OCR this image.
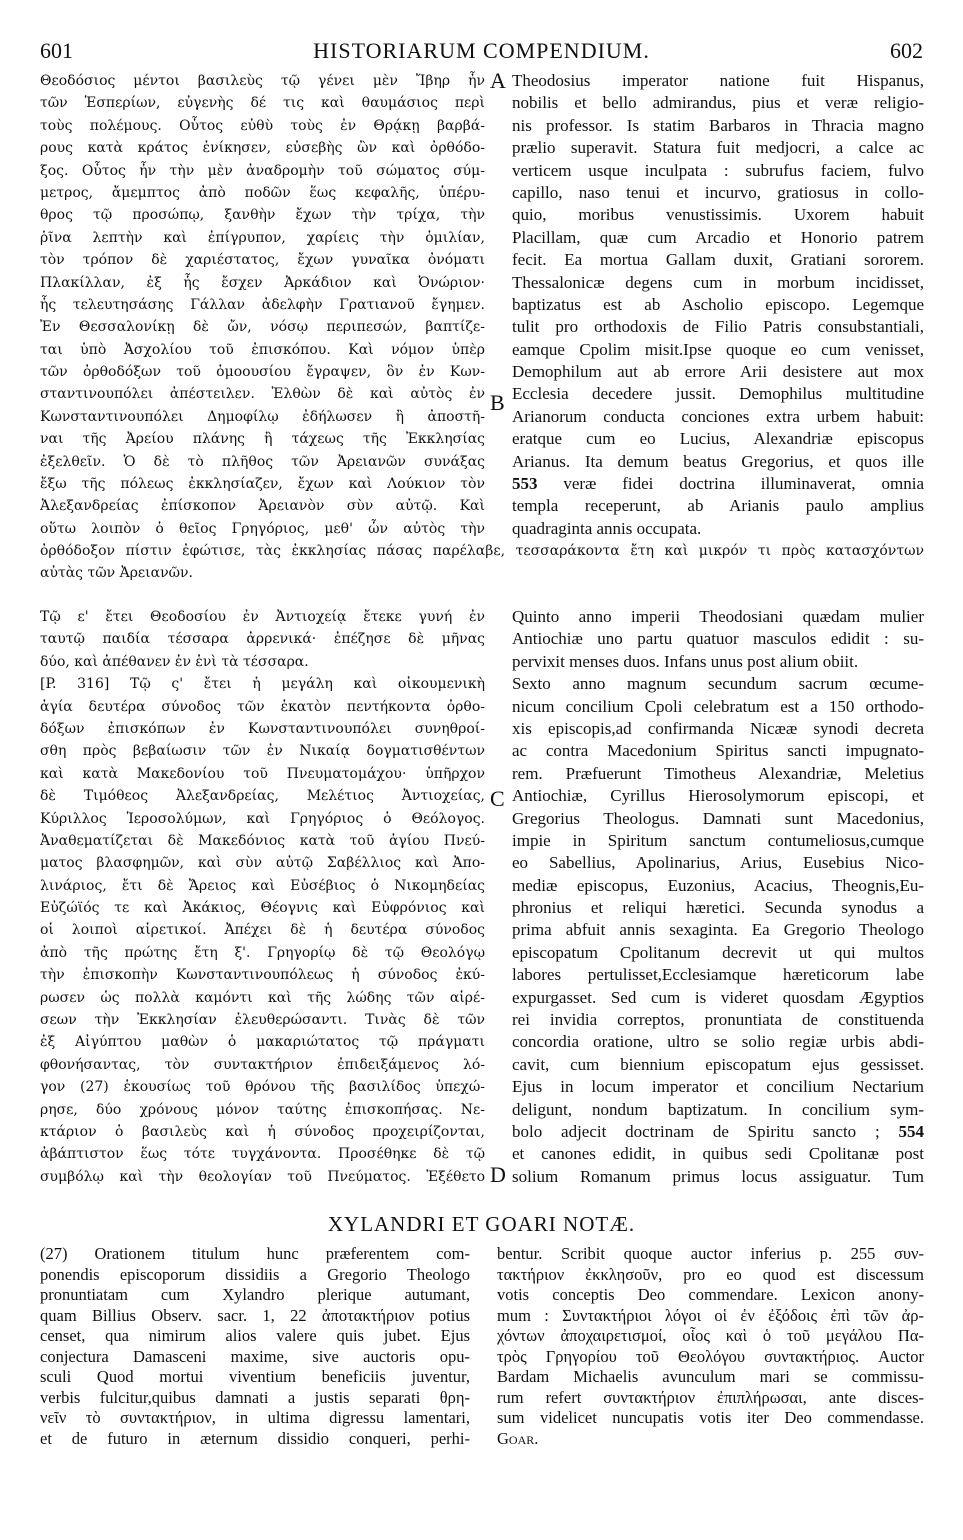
601	HISTORIARUM COMPENDIUM.	602
Θεοδόσιος μέντοι βασιλεὺς τῷ γένει μὲν Ἴβηρ ἦν
τῶν Ἑσπερίων, εὐγενὴς δέ τις καὶ θαυμάσιος περὶ
τοὺς πολέμους. Οὗτος εὐθὺ τοὺς ἐν Θρᾴκῃ βαρβά-
ρους κατὰ κράτος ἐνίκησεν, εὐσεβὴς ὢν καὶ ὀρθόδο-
ξος. Οὗτος ἦν τὴν μὲν ἀναδρομὴν τοῦ σώματος σύμ-
μετρος, ἄμεμπτος ἀπὸ ποδῶν ἕως κεφαλῆς, ὑπέρυ-
θρος τῷ προσώπῳ, ξανθὴν ἔχων τὴν τρίχα, τὴν
ῥῖνα λεπτὴν καὶ ἐπίγρυπον, χαρίεις τὴν ὁμιλίαν,
τὸν τρόπον δὲ χαριέστατος, ἔχων γυναῖκα ὀνόματι
Πλακίλλαν, ἐξ ἧς ἔσχεν Ἀρκάδιον καὶ Ὀνώριον·
ἧς τελευτησάσης Γάλλαν ἀδελφὴν Γρατιανοῦ ἔγημεν.
Ἐν Θεσσαλονίκῃ δὲ ὤν, νόσῳ περιπεσών, βαπτίζε-
ται ὑπὸ Ἀσχολίου τοῦ ἐπισκόπου. Καὶ νόμον ὑπὲρ
τῶν ὀρθοδόξων τοῦ ὁμοουσίου ἔγραψεν, ὃν ἐν Κων-
σταντινουπόλει ἀπέστειλεν. Ἐλθὼν δὲ καὶ αὐτὸς ἐν
Κωνσταντινουπόλει Δημοφίλῳ ἐδήλωσεν ἢ ἀποστῆ-
ναι τῆς Ἀρείου πλάνης ἢ τάχεως τῆς Ἐκκλησίας
ἐξελθεῖν. Ὁ δὲ τὸ πλῆθος τῶν Ἀρειανῶν συνάξας
ἔξω τῆς πόλεως ἐκκλησίαζεν, ἔχων καὶ Λούκιον τὸν
Ἀλεξανδρείας ἐπίσκοπον Ἀρειανὸν σὺν αὐτῷ. Καὶ
οὕτω λοιπὸν ὁ θεῖος Γρηγόριος, μεθ' ὧν αὐτὸς τὴν
Theodosius imperator natione fuit Hispanus,
nobilis et bello admirandus, pius et veræ religio-
nis professor. Is statim Barbaros in Thracia magno
prælio superavit. Statura fuit medjocri, a calce ac
verticem usque inculpata : subrufus faciem, fulvo
capillo, naso tenui et incurvo, gratiosus in collo-
quio, moribus venustissimis. Uxorem habuit
Placillam, quæ cum Arcadio et Honorio patrem
fecit. Ea mortua Gallam duxit, Gratiani sororem.
Thessalonicæ degens cum in morbum incidisset,
baptizatus est ab Ascholio episcopo. Legemque
tulit pro orthodoxis de Filio Patris consubstantiali,
eamque Cpolim misit.Ipse quoque eo cum venisset,
Demophilum aut ab errore Arii desistere aut mox
Ecclesia decedere jussit. Demophilus multitudine
Arianorum conducta conciones extra urbem habuit:
eratque cum eo Lucius, Alexandriæ episcopus
Arianus. Ita demum beatus Gregorius, et quos ille
553 veræ fidei doctrina illuminaverat, omnia
templa receperunt, ab Arianis paulo amplius
quadraginta annis occupata.
ὀρθόδοξον πίστιν ἐφώτισε, τὰς ἐκκλησίας πάσας παρέλαβε, τεσσαράκοντα ἔτη καὶ μικρόν τι πρὸς κατασχόντων
αὐτὰς τῶν Ἀρειανῶν.
A
B
Τῷ ε' ἔτει Θεοδοσίου ἐν Ἀντιοχείᾳ ἔτεκε γυνή ἐν
ταυτῷ παιδία τέσσαρα ἀρρενικά· ἐπέζησε δὲ μῆνας
δύο, καὶ ἀπέθανεν ἐν ἑνὶ τὰ τέσσαρα.
[P. 316] Τῷ ς' ἔτει ἡ μεγάλη καὶ οἰκουμενικὴ
ἁγία δευτέρα σύνοδος τῶν ἑκατὸν πεντήκοντα ὀρθο-
δόξων ἐπισκόπων ἐν Κωνσταντινουπόλει συνηθροί-
σθη πρὸς βεβαίωσιν τῶν ἐν Νικαίᾳ δογματισθέντων
καὶ κατὰ Μακεδονίου τοῦ Πνευματομάχου· ὑπῆρχον
δὲ Τιμόθεος Ἀλεξανδρείας, Μελέτιος Ἀντιοχείας,
Κύριλλος Ἱεροσολύμων, καὶ Γρηγόριος ὁ Θεόλογος.
Ἀναθεματίζεται δὲ Μακεδόνιος κατὰ τοῦ ἁγίου Πνεύ-
ματος βλασφημῶν, καὶ σὺν αὐτῷ Σαβέλλιος καὶ Ἀπο-
λινάριος, ἔτι δὲ Ἄρειος καὶ Εὐσέβιος ὁ Νικομηδείας
Εὐζώϊός τε καὶ Ἀκάκιος, Θέογνις καὶ Εὐφρόνιος καὶ
οἱ λοιποὶ αἱρετικοί. Ἀπέχει δὲ ἡ δευτέρα σύνοδος
ἀπὸ τῆς πρώτης ἔτη ξ'. Γρηγορίῳ δὲ τῷ Θεολόγῳ
τὴν ἐπισκοπὴν Κωνσταντινουπόλεως ἡ σύνοδος ἐκύ-
ρωσεν ὡς πολλὰ καμόντι καὶ τῆς λώδης τῶν αἱρέ-
σεων τὴν Ἐκκλησίαν ἐλευθερώσαντι. Τινὰς δὲ τῶν
ἐξ Αἰγύπτου μαθὼν ὁ μακαριώτατος τῷ πράγματι
φθονήσαντας, τὸν συντακτήριον ἐπιδειξάμενος λό-
γον (27) ἑκουσίως τοῦ θρόνου τῆς βασιλίδος ὑπεχώ-
ρησε, δύο χρόνους μόνον ταύτης ἐπισκοπήσας. Νε-
κτάριον ὁ βασιλεὺς καὶ ἡ σύνοδος προχειρίζονται,
ἀβάπτιστον ἕως τότε τυγχάνοντα. Προσέθηκε δὲ τῷ
συμβόλῳ καὶ τὴν θεολογίαν τοῦ Πνεύματος. Ἐξέθετο
Quinto anno imperii Theodosiani quædam mulier
Antiochiæ uno partu quatuor masculos edidit : su-
pervixit menses duos. Infans unus post alium obiit.
Sexto anno magnum secundum sacrum œcume-
nicum concilium Cpoli celebratum est a 150 orthodo-
xis episcopis,ad confirmanda Nicææ synodi decreta
ac contra Macedonium Spiritus sancti impugnato-
rem. Præfuerunt Timotheus Alexandriæ, Meletius
Antiochiæ, Cyrillus Hierosolymorum episcopi, et
Gregorius Theologus. Damnati sunt Macedonius,
impie in Spiritum sanctum contumeliosus,cumque
eo Sabellius, Apolinarius, Arius, Eusebius Nico-
mediæ episcopus, Euzonius, Acacius, Theognis,Eu-
phronius et reliqui hæretici. Secunda synodus a
prima abfuit annis sexaginta. Ea Gregorio Theologo
episcopatum Cpolitanum decrevit ut qui multos
labores pertulisset,Ecclesiamque hæreticorum labe
expurgasset. Sed cum is videret quosdam Ægyptios
rei invidia correptos, pronuntiata de constituenda
concordia oratione, ultro se solio regiæ urbis abdi-
cavit, cum biennium episcopatum ejus gessisset.
Ejus in locum imperator et concilium Nectarium
deligunt, nondum baptizatum. In concilium sym-
bolo adjecit doctrinam de Spiritu sancto ; 554
et canones edidit, in quibus sedi Cpolitanæ post
solium Romanum primus locus assiguatur. Tum
C
D
XYLANDRI ET GOARI NOTÆ.
(27) Orationem titulum hunc præferentem com-
ponendis episcoporum dissidiis a Gregorio Theologo
pronuntiatam cum Xylandro plerique autumant,
quam Billius Observ. sacr. 1, 22 ἀποτακτήριον potius
censet, qua nimirum alios valere quis jubet. Ejus
conjectura Damasceni maxime, sive auctoris opu-
sculi Quod mortui viventium beneficiis juventur,
verbis fulcitur,quibus damnati a justis separati θρη-
νεῖν τὸ συντακτήριον, in ultima digressu lamentari,
et de futuro in æternum dissidio conqueri, perhi-
bentur. Scribit quoque auctor inferius p. 255 συν-
τακτήριον ἐκκλησοῦν, pro eo quod est discessum
votis conceptis Deo commendare. Lexicon anony-
mum : Συντακτήριοι λόγοι οἱ ἐν ἐξόδοις ἐπὶ τῶν ἀρ-
χόντων ἀποχαιρετισμοί, οἷος καὶ ὁ τοῦ μεγάλου Πα-
τρὸς Γρηγορίου τοῦ Θεολόγου συντακτήριος. Auctor
Bardam Michaelis avunculum mari se commissu-
rum refert συντακτήριον ἐπιπλήρωσαι, ante disces-
sum videlicet nuncupatis votis iter Deo commendasse.
Goar.
